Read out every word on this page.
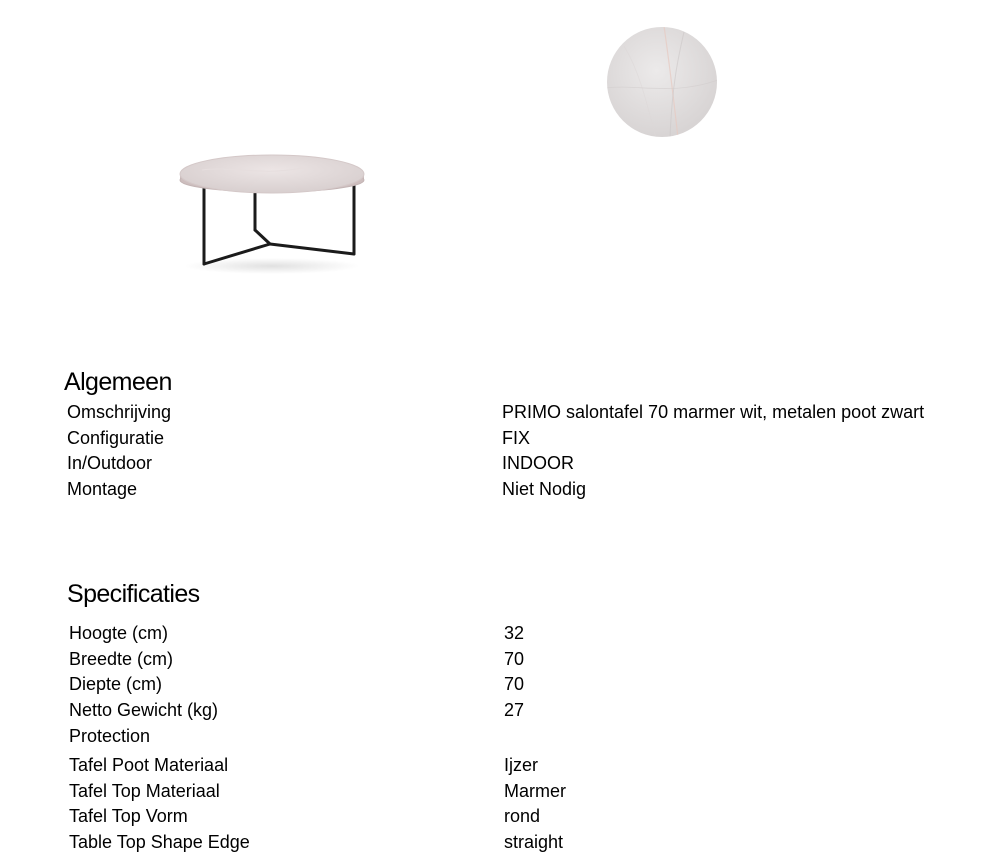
Algemeen
Omschrijving	PRIMO salontafel 70 marmer wit, metalen poot zwart
Configuratie	FIX
In/Outdoor	INDOOR
Montage	Niet Nodig
Specificaties
Hoogte (cm)	32
Breedte (cm)	70
Diepte (cm)	70
Netto Gewicht (kg)	27
Protection
Tafel Poot Materiaal	Ijzer
Tafel Top Materiaal	Marmer
Tafel Top Vorm	rond
Table Top Shape Edge	straight
